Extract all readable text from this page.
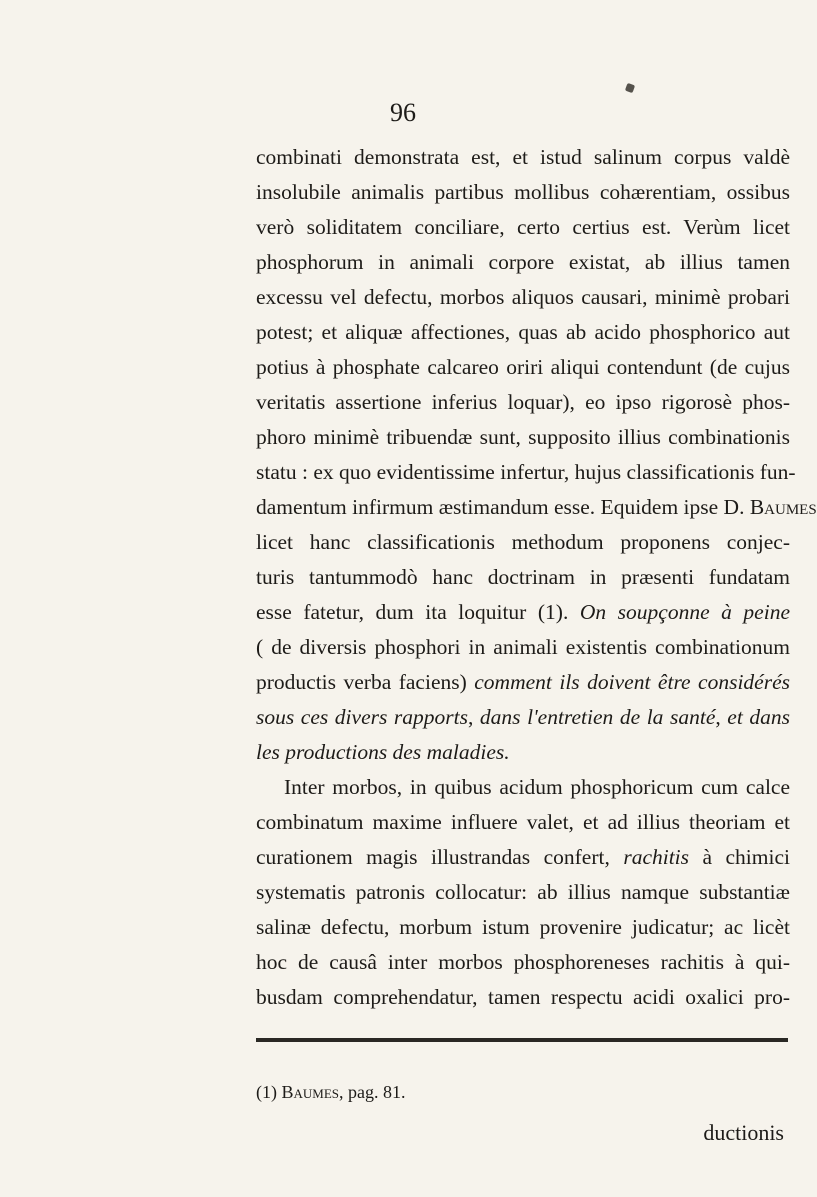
96
combinati demonstrata est, et istud salinum corpus valdè
insolubile animalis partibus mollibus cohærentiam, ossibus
verò soliditatem conciliare, certo certius est. Verùm licet
phosphorum in animali corpore existat, ab illius tamen
excessu vel defectu, morbos aliquos causari, minimè probari
potest; et aliquæ affectiones, quas ab acido phosphorico aut
potius à phosphate calcareo oriri aliqui contendunt (de cujus
veritatis assertione inferius loquar), eo ipso rigorosè phos-
phoro minimè tribuendæ sunt, supposito illius combinationis
statu : ex quo evidentissime infertur, hujus classificationis fun-
damentum infirmum æstimandum esse. Equidem ipse D. Baumes
licet hanc classificationis methodum proponens conjec-
turis tantummodò hanc doctrinam in præsenti fundatam
esse fatetur, dum ita loquitur (1). On soupçonne à peine
( de diversis phosphori in animali existentis combinationum
productis verba faciens) comment ils doivent être considérés
sous ces divers rapports, dans l'entretien de la santé, et dans
les productions des maladies.
Inter morbos, in quibus acidum phosphoricum cum calce
combinatum maxime influere valet, et ad illius theoriam et
curationem magis illustrandas confert, rachitis à chimici
systematis patronis collocatur: ab illius namque substantiæ
salinæ defectu, morbum istum provenire judicatur; ac licèt
hoc de causâ inter morbos phosphoreneses rachitis à qui-
busdam comprehendatur, tamen respectu acidi oxalici pro-
(1) Baumes, pag. 81.
ductionis
